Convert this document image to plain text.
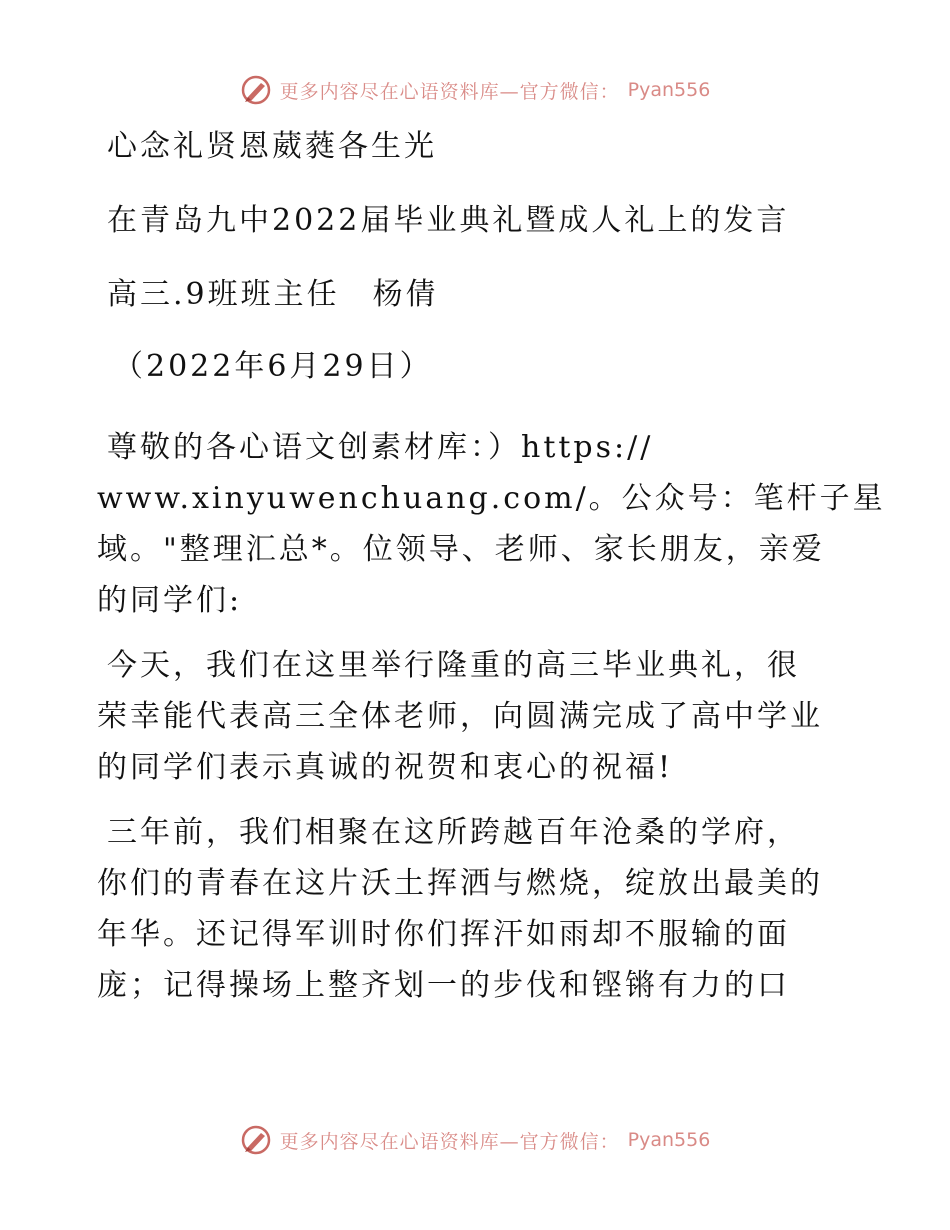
更多内容尽在心语资料库—官方微信： Pyan556
心念礼贤恩葳蕤各生光
在青岛九中2022届毕业典礼暨成人礼上的发言
高三.9班班主任　杨倩
（2022年6月29日）
尊敬的各心语文创素材库：）https://
www.xinyuwenchuang.com/。公众号：笔杆子星
域。"整理汇总*。位领导、老师、家长朋友，亲爱
的同学们:
今天，我们在这里举行隆重的高三毕业典礼，很
荣幸能代表高三全体老师，向圆满完成了高中学业
的同学们表示真诚的祝贺和衷心的祝福!
三年前，我们相聚在这所跨越百年沧桑的学府，
你们的青春在这片沃土挥洒与燃烧，绽放出最美的
年华。还记得军训时你们挥汗如雨却不服输的面
庞；记得操场上整齐划一的步伐和铿锵有力的口
更多内容尽在心语资料库—官方微信： Pyan556
